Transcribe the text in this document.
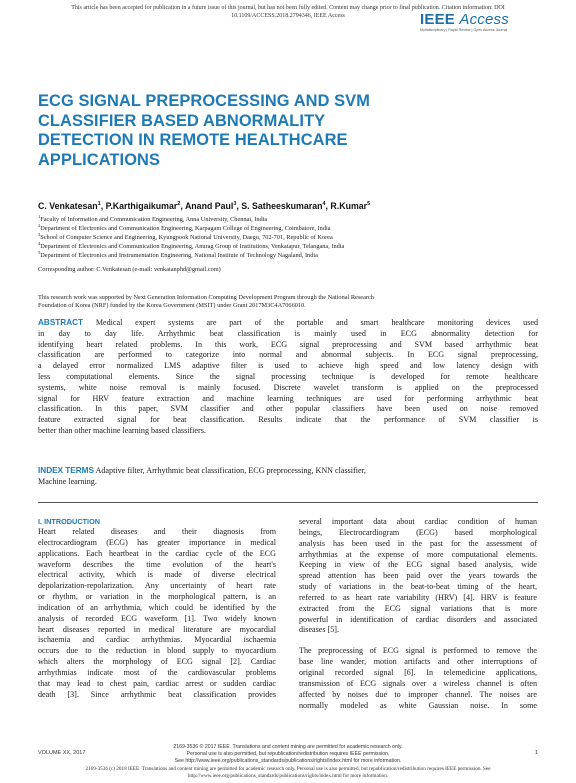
This article has been accepted for publication in a future issue of this journal, but has not been fully edited. Content may change prior to final publication. Citation information: DOI
10.1109/ACCESS.2018.2794346, IEEE Access	IEEE Access
Multidisciplinary | Rapid Review | Open Access Journal
ECG SIGNAL PREPROCESSING AND SVM
CLASSIFIER BASED ABNORMALITY
DETECTION IN REMOTE HEALTHCARE
APPLICATIONS
C. Venkatesan$^1$, P.Karthigaikumar$^2$, Anand Paul$^3$, S. Satheeskumaran$^4$, R.Kumar$^5$
$^1$Faculty of Information and Communication Engineering, Anna University, Chennai, India
$^2$Department of Electronics and Communication Engineering, Karpagam College of Engineering, Coimbatore, India
$^3$School of Computer Science and Engineering, Kyungpook National University, Daegu, 702-701, Republic of Korea
$^4$Department of Electronics and Communication Engineering, Anurag Group of Institutions, Venkatapur, Telangana, India
$^5$Department of Electronics and Instrumentation Engineering, National Institute of Technology Nagaland, India
Corresponding author: C.Venkatesan (e-mail: venkatanphd@gmail.com)
This research work was supported by Next Generation Information Computing Development Program through the National Research
Foundation of Korea (NRF) funded by the Korea Government (MSIT) under Grant 2017M3C4A7066010.
ABSTRACT Medical expert systems are part of the portable and smart healthcare monitoring devices used
in day to day life. Arrhythmic beat classification is mainly used in ECG abnormality detection for
identifying heart related problems. In this work, ECG signal preprocessing and SVM based arrhythmic beat
classification are performed to categorize into normal and abnormal subjects. In ECG signal preprocessing,
a delayed error normalized LMS adaptive filter is used to achieve high speed and low latency design with
less computational elements. Since the signal processing technique is developed for remote healthcare
systems, white noise removal is mainly focused. Discrete wavelet transform is applied on the preprocessed
signal for HRV feature extraction and machine learning techniques are used for performing arrhythmic beat
classification. In this paper, SVM classifier and other popular classifiers have been used on noise removed
feature extracted signal for beat classification. Results indicate that the performance of SVM classifier is
better than other machine learning based classifiers.
INDEX TERMS Adaptive filter, Arrhythmic beat classification, ECG preprocessing, KNN classifier,
Machine learning.
I. INTRODUCTION
Heart related diseases and their diagnosis from
electrocardiogram (ECG) has greater importance in medical
applications. Each heartbeat in the cardiac cycle of the ECG
waveform describes the time evolution of the heart's
electrical activity, which is made of diverse electrical
depolarization-repolarization. Any uncertainty of heart rate
or rhythm, or variation in the morphological pattern, is an
indication of an arrhythmia, which could be identified by the
analysis of recorded ECG waveform [1]. Two widely known
heart diseases reported in medical literature are myocardial
ischaemia and cardiac arrhythmias. Myocardial ischaemia
occurs due to the reduction in blood supply to myocardium
which alters the morphology of ECG signal [2]. Cardiac
arrhythmias indicate most of the cardiovascular problems
that may lead to chest pain, cardiac arrest or sudden cardiac
death [3]. Since arrhythmic beat classification provides
several important data about cardiac condition of human
beings, Electrocardiogram (ECG) based morphological
analysis has been used in the past for the assessment of
arrhythmias at the expense of more computational elements.
Keeping in view of the ECG signal based analysis, wide
spread attention has been paid over the years towards the
study of variations in the beat-to-beat timing of the heart,
referred to as heart rate variability (HRV) [4]. HRV is feature
extracted from the ECG signal variations that is more
powerful in identification of cardiac disorders and associated
diseases [5].
The preprocessing of ECG signal is performed to remove the
base line wander, motion artifacts and other interruptions of
original recorded signal [6]. In telemedicine applications,
transmission of ECG signals over a wireless channel is often
affected by noises due to improper channel. The noises are
normally modeled as white Gaussian noise. In some
2169-3536 © 2017 IEEE. Translations and content mining are permitted for academic research only.
Personal use is also permitted, but republication/redistribution requires IEEE permission.
See http://www.ieee.org/publications_standards/publications/rights/index.html for more information.
VOLUME XX, 2017	1
2169-3536 (c) 2018 IEEE. Translations and content mining are permitted for academic research only. Personal use is also permitted, but republication/redistribution requires IEEE permission. See
http://www.ieee.org/publications_standards/publications/rights/index.html for more information.
